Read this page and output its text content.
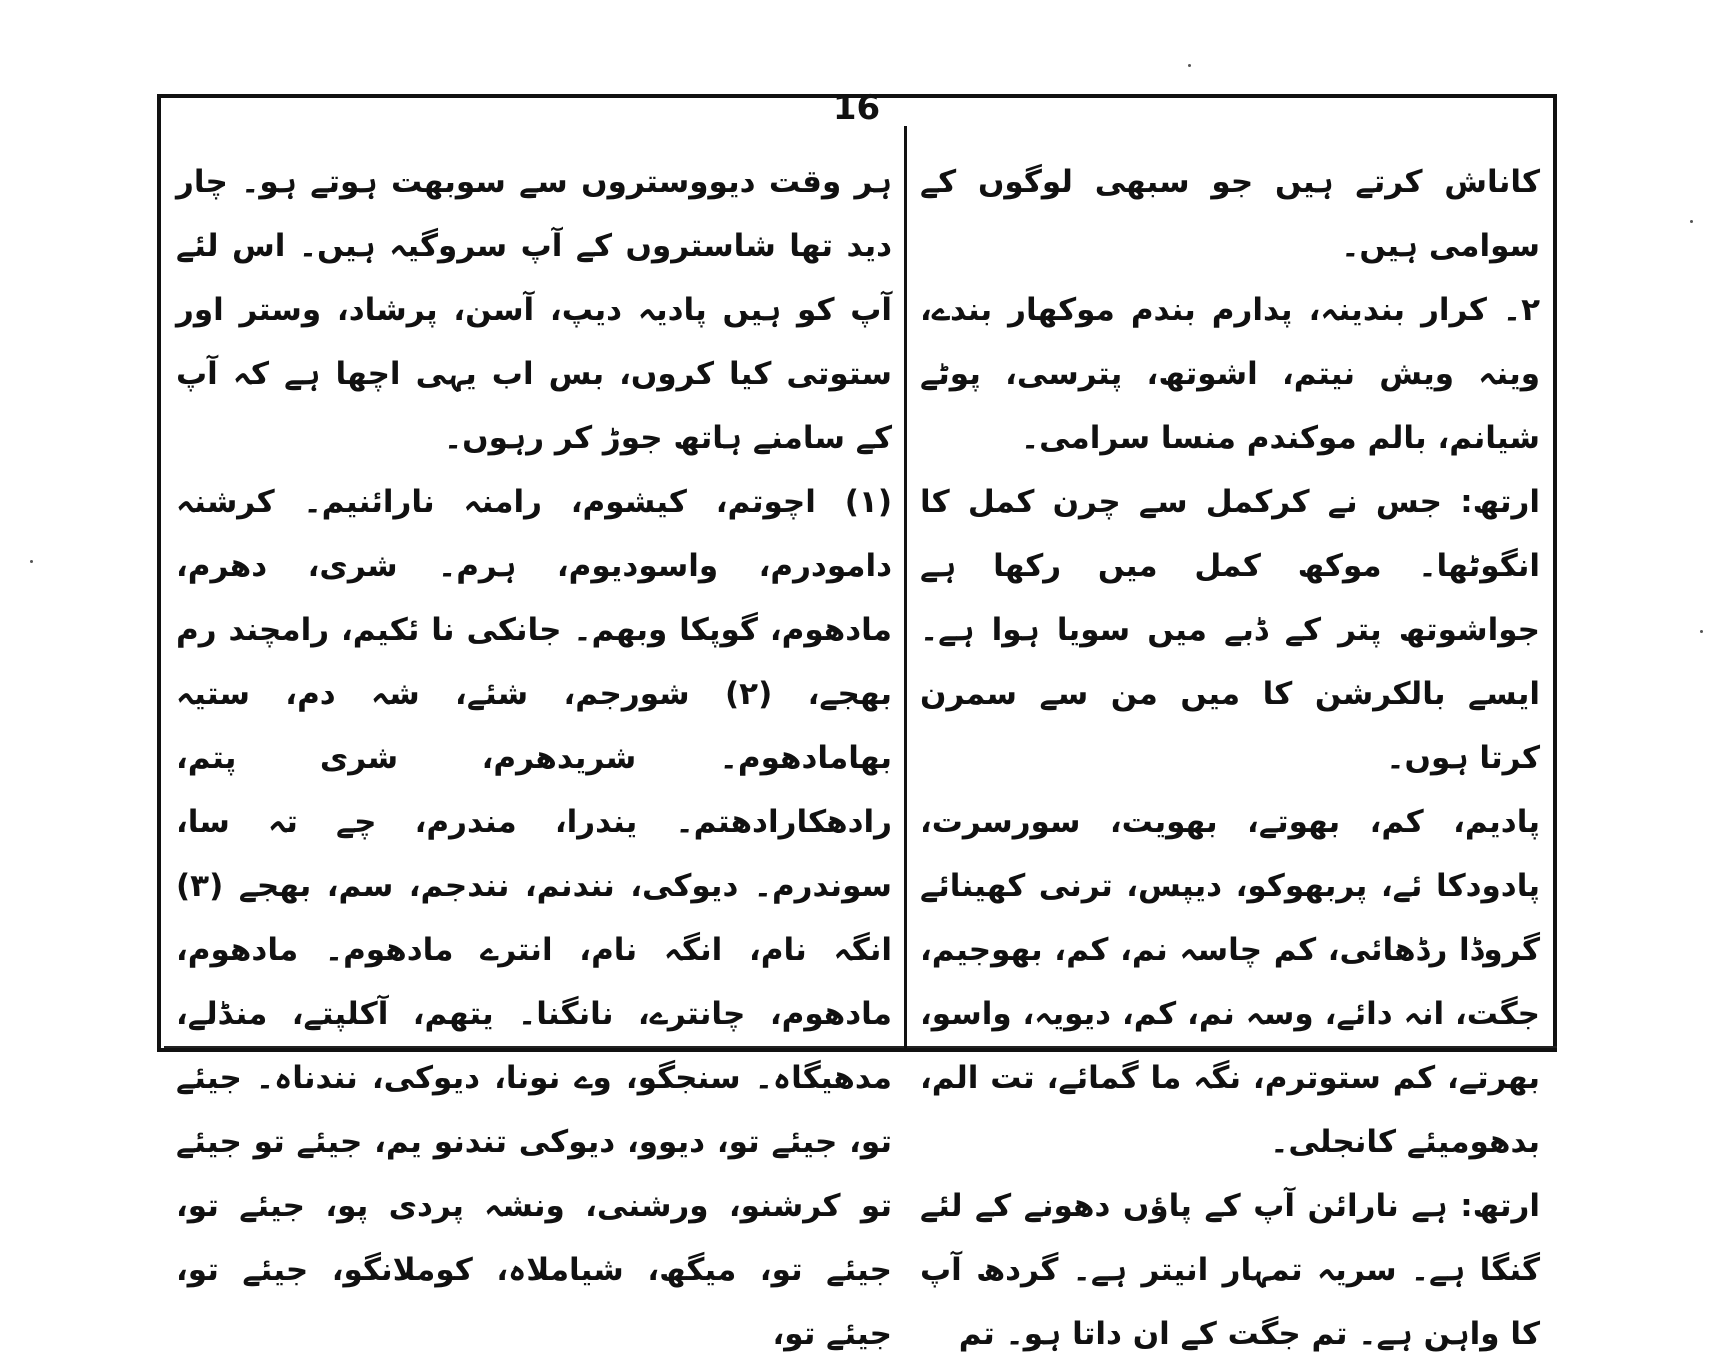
16

کاناش کرتے ہیں جو سبھی لوگوں کے سوامی ہیں۔

۲۔ کرار بندینہ، پدارم بندم موکھار بندے، وینہ ویش نیتم، اشوتھ، پترسی، پوٹے شیانم، بالم موکندم منسا سرامی۔

ارتھ: جس نے کرکمل سے چرن کمل کا انگوٹھا۔ موکھ کمل میں رکھا ہے جواشوتھ پتر کے ڈبے میں سویا ہوا ہے۔ ایسے بالکرشن کا میں من سے سمرن کرتا ہوں۔

پادیم، کم، بھوتے، بھویت، سورسرت، پادودکا ئے، پربھوکو، دیپس، ترنی کھینائے گروڈا رڈھائی، کم چاسہ نم، کم، بھوجیم، جگت، انہ دائے، وسہ نم، کم، دیویہ، واسو، بھرتے، کم ستوترم، نگہ ما گمائے، تت الم، بدھومیئے کانجلی۔

ارتھ: ہے نارائن آپ کے پاؤں دھونے کے لئے گنگا ہے۔ سریہ تمہار انیتر ہے۔ گردھ آپ کا واہن ہے۔ تم جگت کے ان داتا ہو۔ تم

ہر وقت دیووستروں سے سوبھت ہوتے ہو۔ چار دید تھا شاستروں کے آپ سروگیہ ہیں۔ اس لئے آپ کو ہیں پادیہ دیپ، آسن، پرشاد، وستر اور ستوتی کیا کروں، بس اب یہی اچھا ہے کہ آپ کے سامنے ہاتھ جوڑ کر رہوں۔

(۱) اچوتم، کیشوم، رامنہ نارائنیم۔ کرشنہ دامودرم، واسودیوم، ہرم۔ شری، دھرم، مادھوم، گوپکا وبھم۔ جانکی نا ئکیم، رامچند رم بھجے، (۲) شورجم، شئے، شہ دم، ستیہ بھامادھوم۔ شریدھرم، شری پتم، رادھکارادھتم۔ یندرا، مندرم، چے تہ سا، سوندرم۔ دیوکی، نندنم، نندجم، سم، بھجے (۳) انگہ نام، انگہ نام، انترے مادھوم۔ مادھوم، مادھوم، چانترے، نانگنا۔ یتھم، آکلپتے، منڈلے، مدھیگاہ۔ سنجگو، وے نونا، دیوکی، نندناہ۔ جیئے تو، جیئے تو، دیوو، دیوکی تندنو یم، جیئے تو جیئے تو کرشنو، ورشنی، ونشہ پردی پو، جیئے تو، جیئے تو، میگھ، شیاملاہ، کوملانگو، جیئے تو، جیئے تو،
